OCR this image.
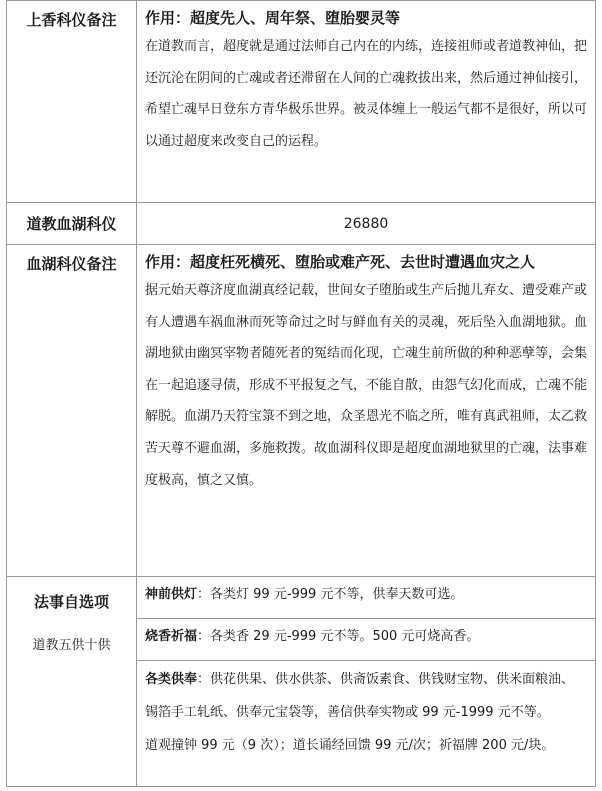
上香科仪备注	作用：超度先人、周年祭、堕胎婴灵等
在道教而言，超度就是通过法师自己内在的内练，连接祖师或者道教神仙，把还沉沦在阴间的亡魂或者还滞留在人间的亡魂救拔出来，然后通过神仙接引，希望亡魂早日登东方青华极乐世界。被灵体缠上一般运气都不是很好，所以可以通过超度来改变自己的运程。

道教血湖科仪	26880
血湖科仪备注	作用：超度枉死横死、堕胎或难产死、去世时遭遇血灾之人
据元始天尊济度血湖真经记载，世间女子堕胎或生产后抛儿弃女、遭受难产或有人遭遇车祸血淋而死等命过之时与鲜血有关的灵魂，死后坠入血湖地狱。血湖地狱由幽冥宰物者随死者的冤结而化现，亡魂生前所做的种种恶孽等，会集在一起追逐寻债，形成不平报复之气，不能自散，由怨气幻化而成，亡魂不能解脱。血湖乃天符宝箓不到之地，众圣恩光不临之所，唯有真武祖师，太乙救苦天尊不避血湖，多施救拨。故血湖科仪即是超度血湖地狱里的亡魂，法事难度极高，慎之又慎。

法事自选项
道教五供十供	神前供灯：各类灯 99 元-999 元不等，供奉天数可选。
	烧香祈福：各类香 29 元-999 元不等。500 元可烧高香。

	各类供奉：供花供果、供水供茶、供斋饭素食、供钱财宝物、供米面粮油、锡箔手工轧纸、供奉元宝袋等，善信供奉实物或 99 元-1999 元不等。
道观撞钟 99 元（9 次）；道长诵经回馈 99 元/次；祈福牌 200 元/块。
